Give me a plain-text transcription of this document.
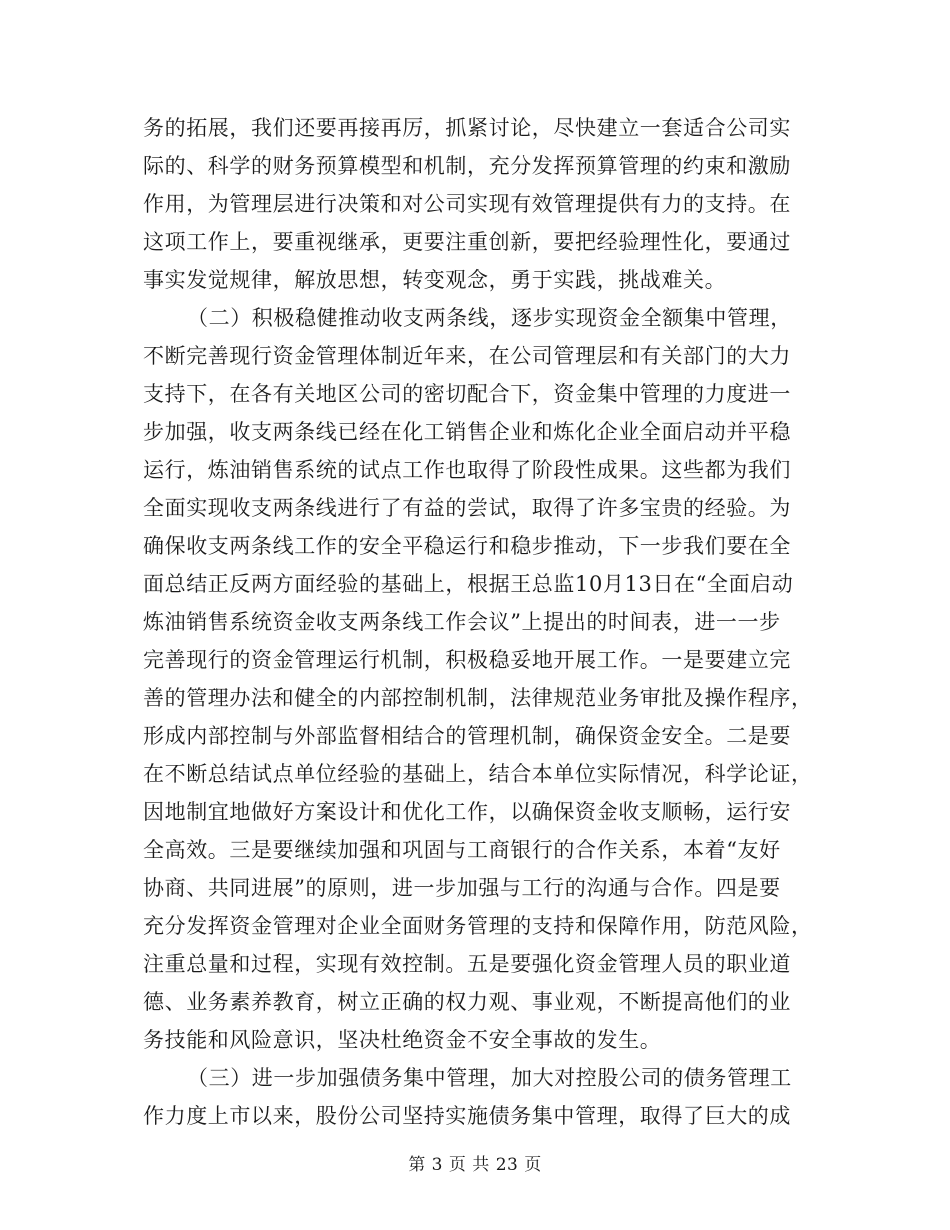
务的拓展，我们还要再接再厉，抓紧讨论，尽快建立一套适合公司实
际的、科学的财务预算模型和机制，充分发挥预算管理的约束和激励
作用，为管理层进行决策和对公司实现有效管理提供有力的支持。在
这项工作上，要重视继承，更要注重创新，要把经验理性化，要通过
事实发觉规律，解放思想，转变观念，勇于实践，挑战难关。
（二）积极稳健推动收支两条线，逐步实现资金全额集中管理，
不断完善现行资金管理体制近年来，在公司管理层和有关部门的大力
支持下，在各有关地区公司的密切配合下，资金集中管理的力度进一
步加强，收支两条线已经在化工销售企业和炼化企业全面启动并平稳
运行，炼油销售系统的试点工作也取得了阶段性成果。这些都为我们
全面实现收支两条线进行了有益的尝试，取得了许多宝贵的经验。为
确保收支两条线工作的安全平稳运行和稳步推动，下一步我们要在全
面总结正反两方面经验的基础上，根据王总监10月13日在“全面启动
炼油销售系统资金收支两条线工作会议”上提出的时间表，进一一步
完善现行的资金管理运行机制，积极稳妥地开展工作。一是要建立完
善的管理办法和健全的内部控制机制，法律规范业务审批及操作程序，
形成内部控制与外部监督相结合的管理机制，确保资金安全。二是要
在不断总结试点单位经验的基础上，结合本单位实际情况，科学论证，
因地制宜地做好方案设计和优化工作，以确保资金收支顺畅，运行安
全高效。三是要继续加强和巩固与工商银行的合作关系，本着“友好
协商、共同进展”的原则，进一步加强与工行的沟通与合作。四是要
充分发挥资金管理对企业全面财务管理的支持和保障作用，防范风险，
注重总量和过程，实现有效控制。五是要强化资金管理人员的职业道
德、业务素养教育，树立正确的权力观、事业观，不断提高他们的业
务技能和风险意识，坚决杜绝资金不安全事故的发生。
（三）进一步加强债务集中管理，加大对控股公司的债务管理工
作力度上市以来，股份公司坚持实施债务集中管理，取得了巨大的成
第 3 页 共 23 页
